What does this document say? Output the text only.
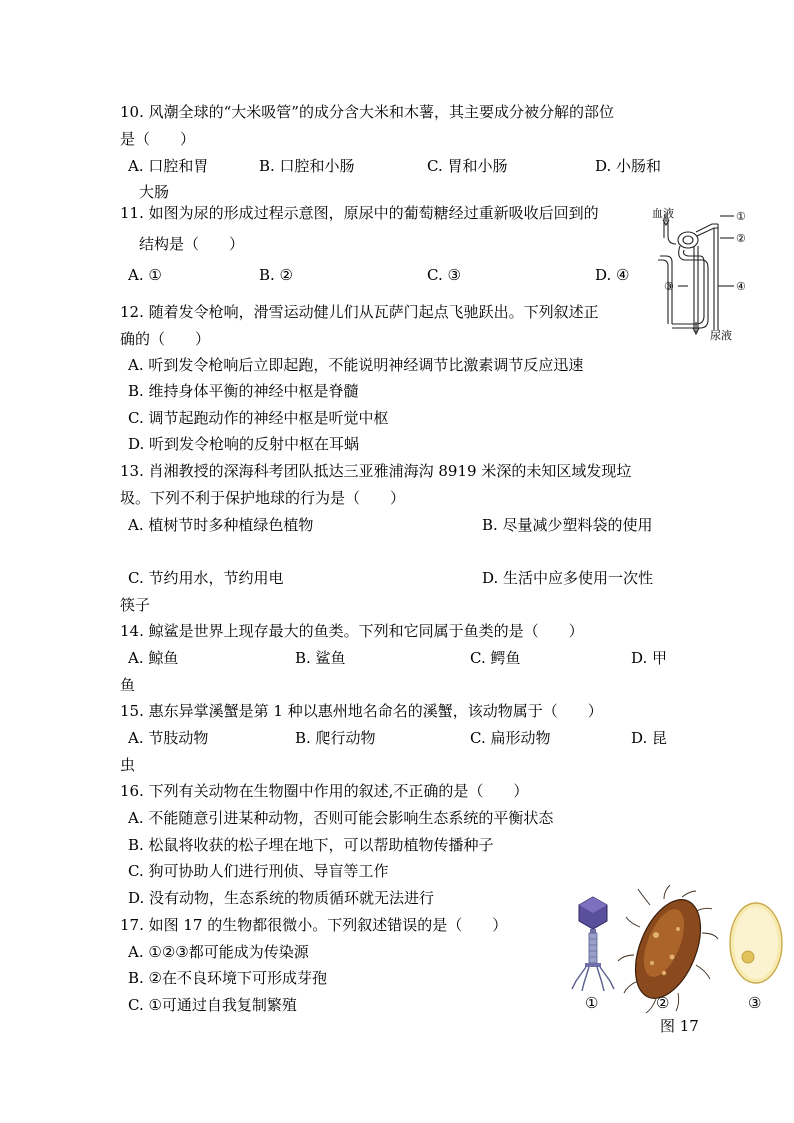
10. 风潮全球的“大米吸管”的成分含大米和木薯，其主要成分被分解的部位
是（　　）
A. 口腔和胃	B. 口腔和小肠	C. 胃和小肠	D. 小肠和
大肠
11. 如图为尿的形成过程示意图，原尿中的葡萄糖经过重新吸收后回到的
结构是（　　）
A. ①	B. ②	C. ③	D. ④
血液
尿液
①
②
③	④
12. 随着发令枪响，滑雪运动健儿们从瓦萨门起点飞驰跃出。下列叙述正
确的（　　）
A. 听到发令枪响后立即起跑，不能说明神经调节比激素调节反应迅速
B. 维持身体平衡的神经中枢是脊髓
C. 调节起跑动作的神经中枢是听觉中枢
D. 听到发令枪响的反射中枢在耳蜗
13. 肖湘教授的深海科考团队抵达三亚雅浦海沟 8919 米深的未知区域发现垃
圾。下列不利于保护地球的行为是（　　）
A. 植树节时多种植绿色植物	B. 尽量减少塑料袋的使用
C. 节约用水，节约用电	D. 生活中应多使用一次性
筷子
14. 鲸鲨是世界上现存最大的鱼类。下列和它同属于鱼类的是（　　）
A. 鲸鱼	B. 鲨鱼	C. 鳄鱼	D. 甲
鱼
15. 惠东异掌溪蟹是第 1 种以惠州地名命名的溪蟹，该动物属于（　　）
A. 节肢动物	B. 爬行动物	C. 扁形动物	D. 昆
虫
16. 下列有关动物在生物圈中作用的叙述,不正确的是（　　）
A. 不能随意引进某种动物，否则可能会影响生态系统的平衡状态
B. 松鼠将收获的松子埋在地下，可以帮助植物传播种子
C. 狗可协助人们进行刑侦、导盲等工作
D. 没有动物，生态系统的物质循环就无法进行
17. 如图 17 的生物都很微小。下列叙述错误的是（　　）
A. ①②③都可能成为传染源
B. ②在不良环境下可形成芽孢
C. ①可通过自我复制繁殖	①	②	③
图 17
